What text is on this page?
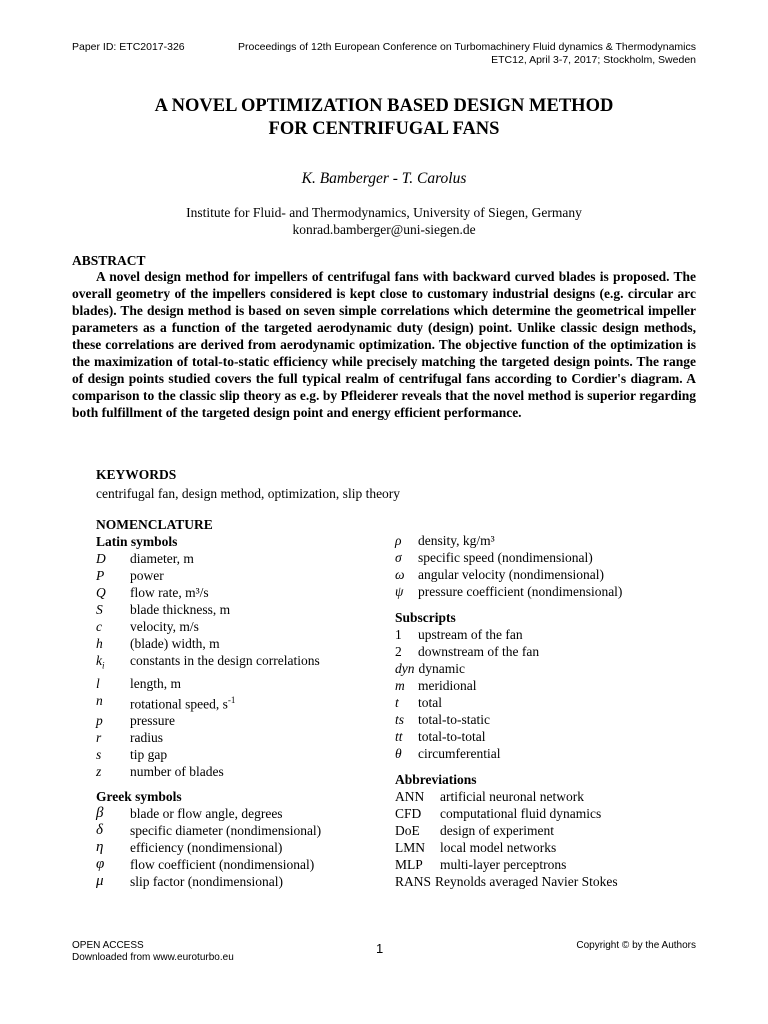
Paper ID: ETC2017-326	Proceedings of 12th European Conference on Turbomachinery Fluid dynamics & Thermodynamics
ETC12, April 3-7, 2017; Stockholm, Sweden
A NOVEL OPTIMIZATION BASED DESIGN METHOD
FOR CENTRIFUGAL FANS
K. Bamberger - T. Carolus
Institute for Fluid- and Thermodynamics, University of Siegen, Germany
konrad.bamberger@uni-siegen.de
ABSTRACT

A novel design method for impellers of centrifugal fans with backward curved blades is proposed. The overall geometry of the impellers considered is kept close to customary industrial designs (e.g. circular arc blades). The design method is based on seven simple correlations which determine the geometrical impeller parameters as a function of the targeted aerodynamic duty (design) point. Unlike classic design methods, these correlations are derived from aerodynamic optimization. The objective function of the optimization is the maximization of total-to-static efficiency while precisely matching the targeted design points. The range of design points studied covers the full typical realm of centrifugal fans according to Cordier's diagram. A comparison to the classic slip theory as e.g. by Pfleiderer reveals that the novel method is superior regarding both fulfillment of the targeted design point and energy efficient performance.

KEYWORDS
centrifugal fan, design method, optimization, slip theory
NOMENCLATURE
Latin symbols
D	diameter, m
P	power
Q	flow rate, m³/s
S	blade thickness, m
c	velocity, m/s
h	(blade) width, m
$k_i$	constants in the design correlations
l	length, m
n	rotational speed, $s^{-1}$
p	pressure
r	radius
s	tip gap
z	number of blades
Greek symbols
β	blade or flow angle, degrees
δ	specific diameter (nondimensional)
η	efficiency (nondimensional)
φ	flow coefficient (nondimensional)
μ	slip factor (nondimensional)
ρ	density, kg/m³
σ	specific speed (nondimensional)
ω angular velocity (nondimensional)
ψ	pressure coefficient (nondimensional)
Subscripts
1	upstream of the fan
2	downstream of the fan
dyn dynamic
m meridional
t	total
ts	total-to-static
tt	total-to-total
θ	circumferential
Abbreviations
ANN	artificial neuronal network
CFD	computational fluid dynamics
DoE	design of experiment
LMN	local model networks
MLP	multi-layer perceptrons
RANS Reynolds averaged Navier Stokes
OPEN ACCESS
Downloaded from www.euroturbo.eu
1	Copyright © by the Authors
